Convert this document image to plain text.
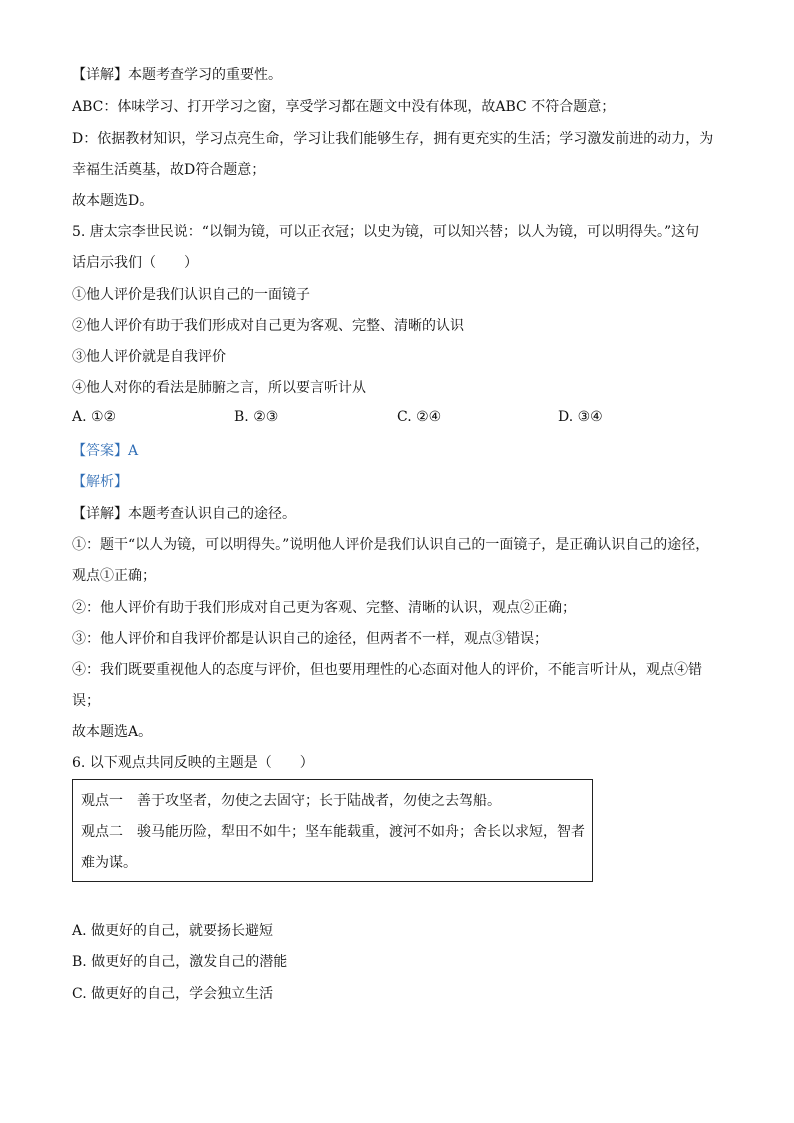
【详解】本题考查学习的重要性。
ABC：体味学习、打开学习之窗，享受学习都在题文中没有体现，故ABC 不符合题意；
D：依据教材知识，学习点亮生命，学习让我们能够生存，拥有更充实的生活；学习激发前进的动力，为
幸福生活奠基，故D符合题意；
故本题选D。
5. 唐太宗李世民说：“以铜为镜，可以正衣冠；以史为镜，可以知兴替；以人为镜，可以明得失。”这句
话启示我们（　　）
①他人评价是我们认识自己的一面镜子
②他人评价有助于我们形成对自己更为客观、完整、清晰的认识
③他人评价就是自我评价
④他人对你的看法是肺腑之言，所以要言听计从
A. ①②	B. ②③	C. ②④	D. ③④
【答案】A
【解析】
【详解】本题考查认识自己的途径。
①：题干“以人为镜，可以明得失。”说明他人评价是我们认识自己的一面镜子，是正确认识自己的途径，
观点①正确；
②：他人评价有助于我们形成对自己更为客观、完整、清晰的认识，观点②正确；
③：他人评价和自我评价都是认识自己的途径，但两者不一样，观点③错误；
④：我们既要重视他人的态度与评价，但也要用理性的心态面对他人的评价，不能言听计从，观点④错
误；
故本题选A。
6. 以下观点共同反映的主题是（　　）
观点一　善于攻坚者，勿使之去固守；长于陆战者，勿使之去驾船。
观点二　骏马能历险，犁田不如牛；坚车能载重，渡河不如舟；舍长以求短，智者
难为谋。
A. 做更好的自己，就要扬长避短
B. 做更好的自己，激发自己的潜能
C. 做更好的自己，学会独立生活
